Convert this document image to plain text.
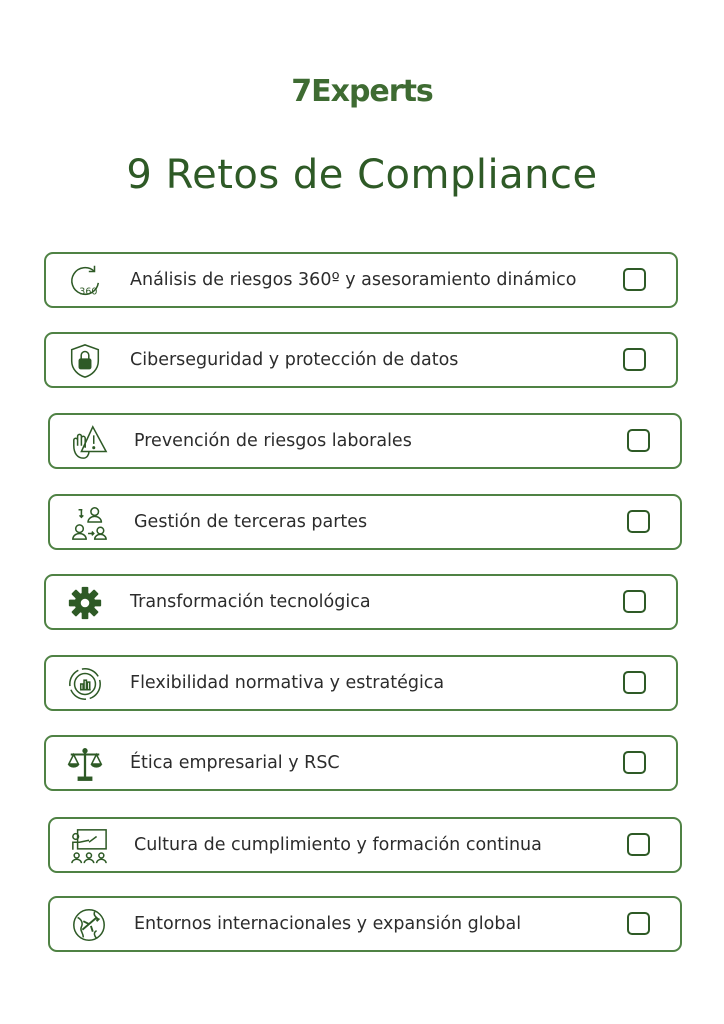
7Experts
9 Retos de Compliance
360
Análisis de riesgos 360º y asesoramiento dinámico
Ciberseguridad y protección de datos
Prevención de riesgos laborales
Gestión de terceras partes
Transformación tecnológica
Flexibilidad normativa y estratégica
Ética empresarial y RSC
Cultura de cumplimiento y formación continua
Entornos internacionales y expansión global
